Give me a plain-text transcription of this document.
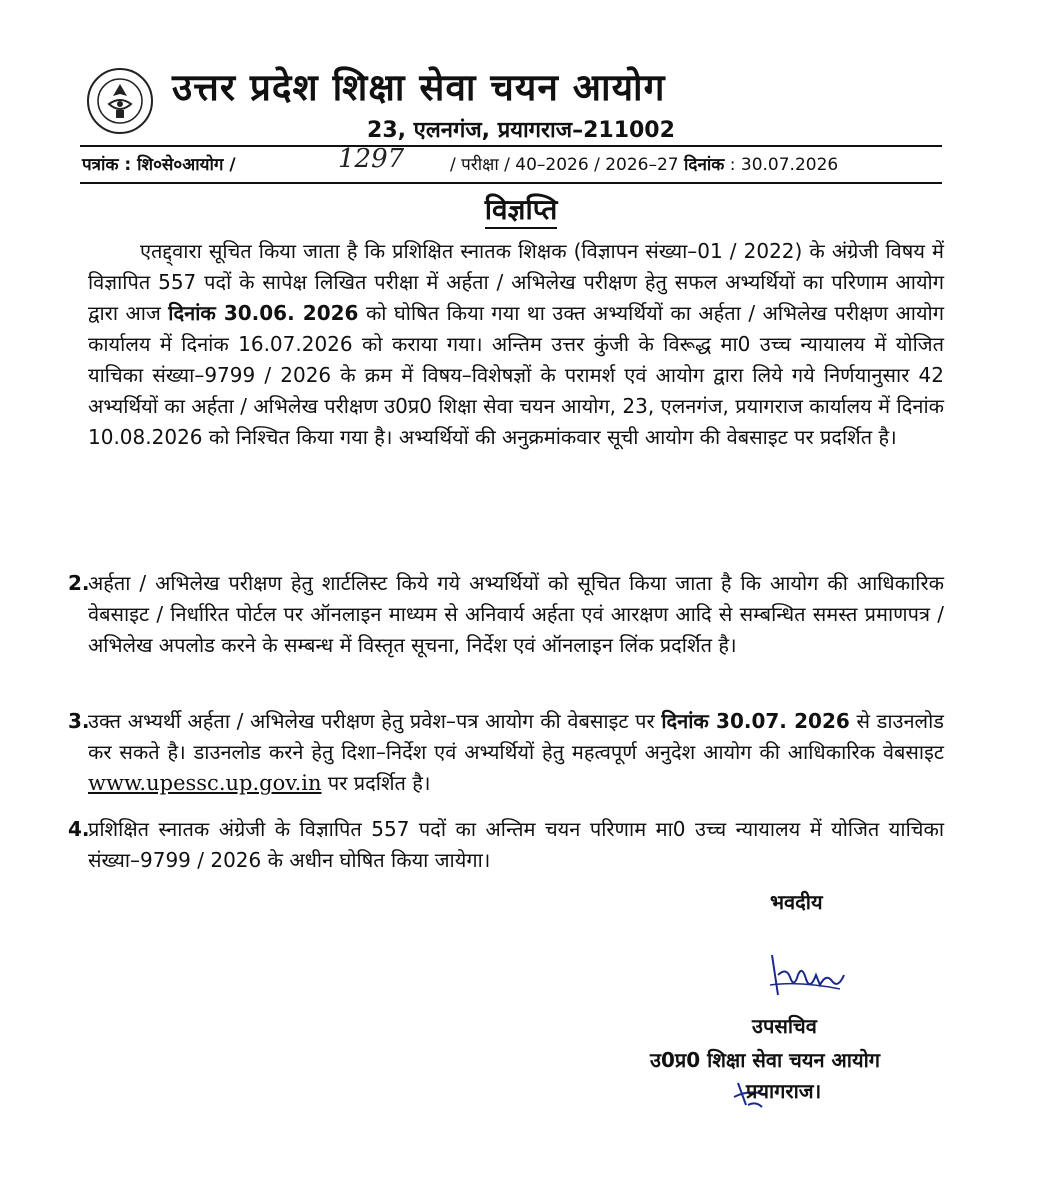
उत्तर प्रदेश शिक्षा सेवा चयन आयोग
23, एलनगंज, प्रयागराज–211002
पत्रांक : शि०से०आयोग /	1297	/ परीक्षा / 40–2026 / 2026–27 दिनांक : 30.07.2026
विज्ञप्ति
एतद्द्वारा सूचित किया जाता है कि प्रशिक्षित स्नातक शिक्षक (विज्ञापन संख्या–01 / 2022) के अंग्रेजी विषय में विज्ञापित 557 पदों के सापेक्ष लिखित परीक्षा में अर्हता / अभिलेख परीक्षण हेतु सफल अभ्यर्थियों का परिणाम आयोग द्वारा आज दिनांक 30.06. 2026 को घोषित किया गया था उक्त अभ्यर्थियों का अर्हता / अभिलेख परीक्षण आयोग कार्यालय में दिनांक 16.07.2026 को कराया गया। अन्तिम उत्तर कुंजी के विरूद्ध मा0 उच्च न्यायालय में योजित याचिका संख्या–9799 / 2026 के क्रम में विषय–विशेषज्ञों के परामर्श एवं आयोग द्वारा लिये गये निर्णयानुसार 42 अभ्यर्थियों का अर्हता / अभिलेख परीक्षण उ0प्र0 शिक्षा सेवा चयन आयोग, 23, एलनगंज, प्रयागराज कार्यालय में दिनांक 10.08.2026 को निश्चित किया गया है। अभ्यर्थियों की अनुक्रमांकवार सूची आयोग की वेबसाइट पर प्रदर्शित है।
2.
अर्हता / अभिलेख परीक्षण हेतु शार्टलिस्ट किये गये अभ्यर्थियों को सूचित किया जाता है कि आयोग की आधिकारिक वेबसाइट / निर्धारित पोर्टल पर ऑनलाइन माध्यम से अनिवार्य अर्हता एवं आरक्षण आदि से सम्बन्धित समस्त प्रमाणपत्र / अभिलेख अपलोड करने के सम्बन्ध में विस्तृत सूचना, निर्देश एवं ऑनलाइन लिंक प्रदर्शित है।
3.
उक्त अभ्यर्थी अर्हता / अभिलेख परीक्षण हेतु प्रवेश–पत्र आयोग की वेबसाइट पर दिनांक 30.07. 2026 से डाउनलोड कर सकते है। डाउनलोड करने हेतु दिशा–निर्देश एवं अभ्यर्थियों हेतु महत्वपूर्ण अनुदेश आयोग की आधिकारिक वेबसाइट www.upessc.up.gov.in पर प्रदर्शित है।
4.
प्रशिक्षित स्नातक अंग्रेजी के विज्ञापित 557 पदों का अन्तिम चयन परिणाम मा0 उच्च न्यायालय में योजित याचिका संख्या–9799 / 2026 के अधीन घोषित किया जायेगा।
भवदीय
उपसचिव
उ0प्र0 शिक्षा सेवा चयन आयोग
प्रयागराज।
